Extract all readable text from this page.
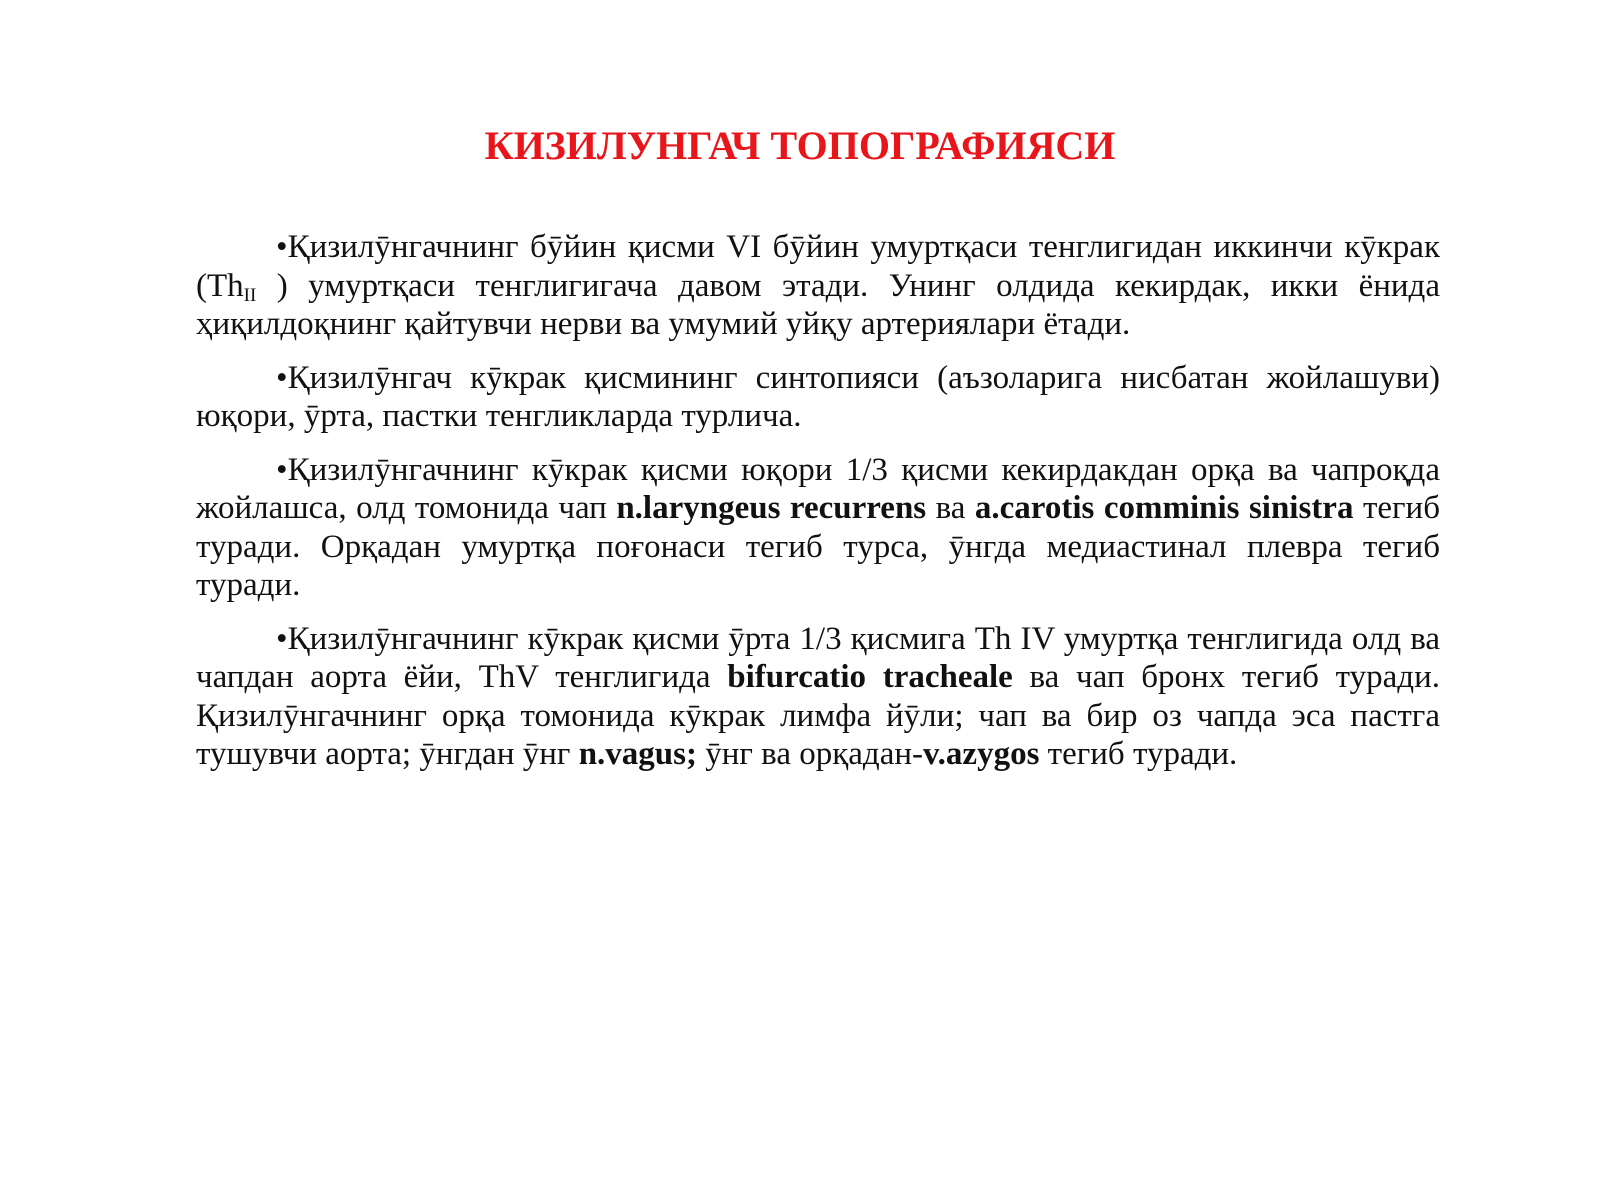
КИЗИЛУНГАЧ ТОПОГРАФИЯСИ

•Қизилӯнгачнинг бӯйин қисми VI бӯйин умуртқаси тенглигидан иккинчи кӯкрак ($Th_{II}$ ) умуртқаси тенглигигача давом этади. Унинг олдида кекирдак, икки ёнида ҳиқилдоқнинг қайтувчи нерви ва умумий уйқу артериялари ётади.

•Қизилӯнгач кӯкрак қисмининг синтопияси (аъзоларига нисбатан жойлашуви) юқори, ӯрта, пастки тенгликларда турлича.

•Қизилӯнгачнинг кӯкрак қисми юқори 1/3 қисми кекирдакдан орқа ва чапроқда жойлашса, олд томонида чап n.laryngeus recurrens ва a.carotis comminis sinistra тегиб туради. Орқадан умуртқа поғонаси тегиб турса, ӯнгда медиастинал плевра тегиб туради.

•Қизилӯнгачнинг кӯкрак қисми ӯрта 1/3 қисмига Th IV умуртқа тенглигида олд ва чапдан аорта ёйи, ThV тенглигида bifurcatio tracheale ва чап бронх тегиб туради. Қизилӯнгачнинг орқа томонида кӯкрак лимфа йӯли; чап ва бир оз чапда эса пастга тушувчи аорта; ӯнгдан ӯнг n.vagus; ӯнг ва орқадан-v.azygos тегиб туради.
